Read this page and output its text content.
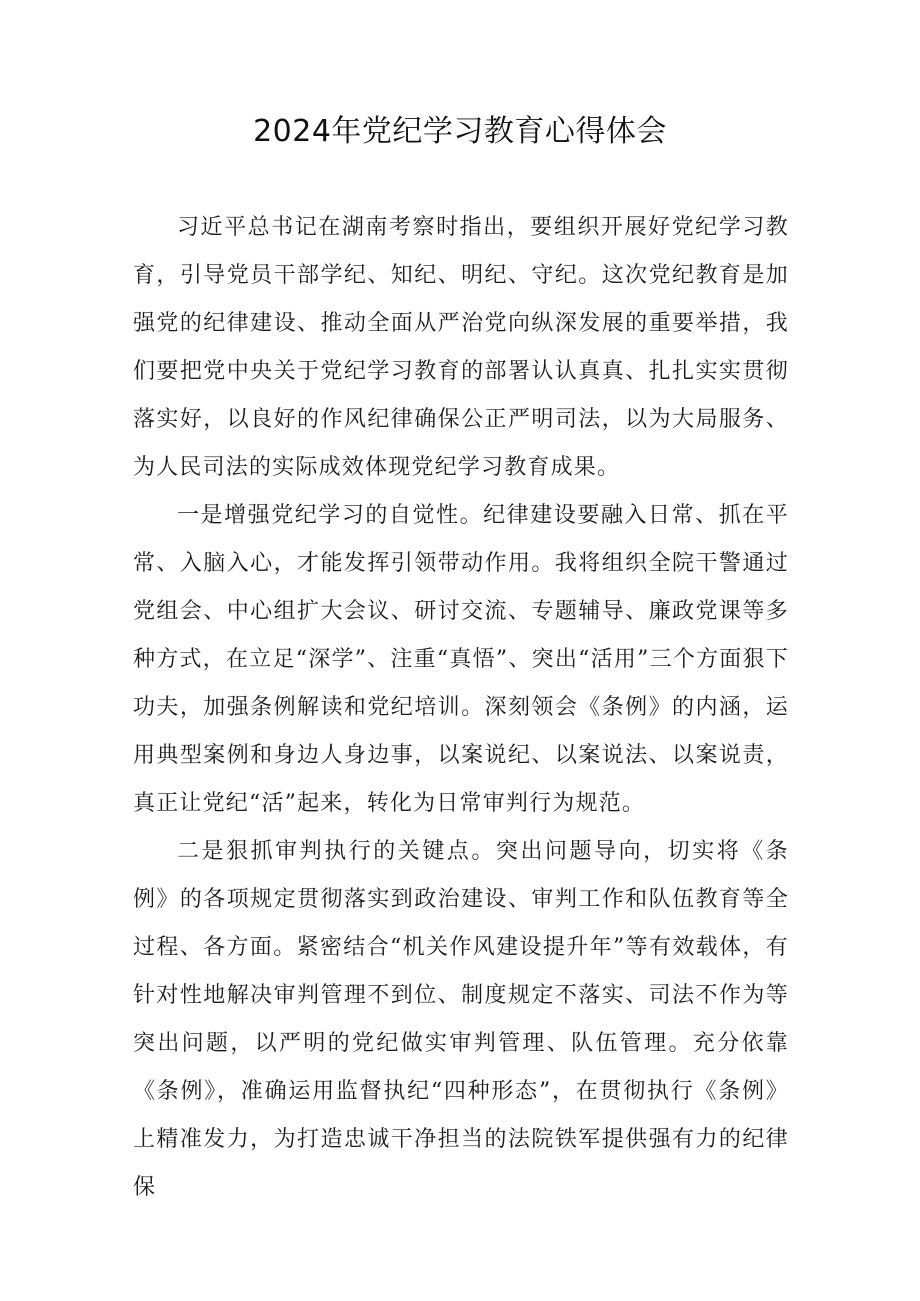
2024年党纪学习教育心得体会

习近平总书记在湖南考察时指出，要组织开展好党纪学习教育，引导党员干部学纪、知纪、明纪、守纪。这次党纪教育是加强党的纪律建设、推动全面从严治党向纵深发展的重要举措，我们要把党中央关于党纪学习教育的部署认认真真、扎扎实实贯彻落实好，以良好的作风纪律确保公正严明司法，以为大局服务、为人民司法的实际成效体现党纪学习教育成果。

一是增强党纪学习的自觉性。纪律建设要融入日常、抓在平常、入脑入心，才能发挥引领带动作用。我将组织全院干警通过党组会、中心组扩大会议、研讨交流、专题辅导、廉政党课等多种方式，在立足“深学”、注重“真悟”、突出“活用”三个方面狠下功夫，加强条例解读和党纪培训。深刻领会《条例》的内涵，运用典型案例和身边人身边事，以案说纪、以案说法、以案说责，真正让党纪“活”起来，转化为日常审判行为规范。

二是狠抓审判执行的关键点。突出问题导向，切实将《条例》的各项规定贯彻落实到政治建设、审判工作和队伍教育等全过程、各方面。紧密结合“机关作风建设提升年”等有效载体，有针对性地解决审判管理不到位、制度规定不落实、司法不作为等突出问题，以严明的党纪做实审判管理、队伍管理。充分依靠《条例》，准确运用监督执纪“四种形态”，在贯彻执行《条例》上精准发力，为打造忠诚干净担当的法院铁军提供强有力的纪律保
